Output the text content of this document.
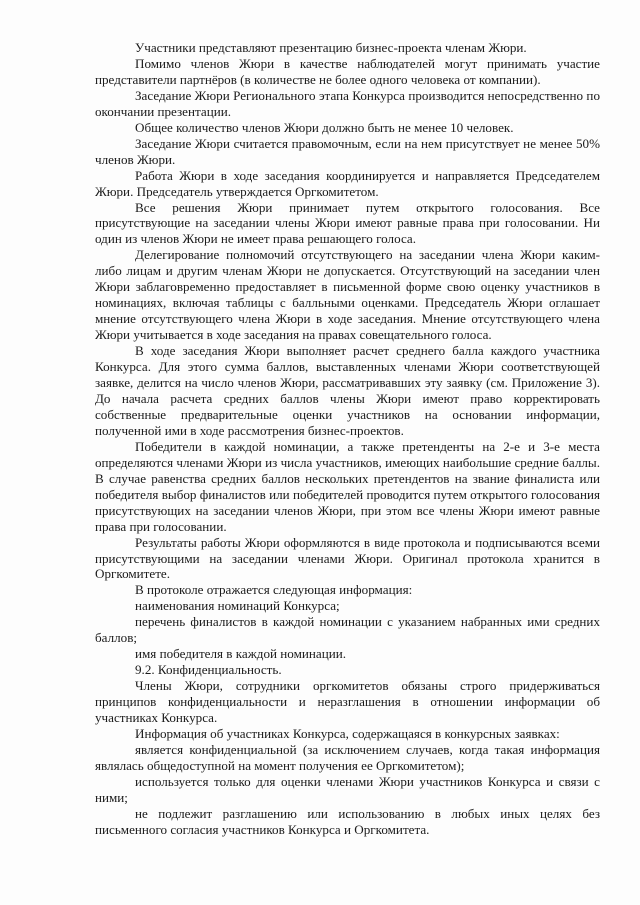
Участники представляют презентацию бизнес-проекта членам Жюри.

Помимо членов Жюри в качестве наблюдателей могут принимать участие представители партнёров (в количестве не более одного человека от компании).

Заседание Жюри Регионального этапа Конкурса производится непосредственно по окончании презентации.

Общее количество членов Жюри должно быть не менее 10 человек.

Заседание Жюри считается правомочным, если на нем присутствует не менее 50% членов Жюри.

Работа Жюри в ходе заседания координируется и направляется Председателем Жюри. Председатель утверждается Оргкомитетом.

Все решения Жюри принимает путем открытого голосования. Все присутствующие на заседании члены Жюри имеют равные права при голосовании. Ни один из членов Жюри не имеет права решающего голоса.

Делегирование полномочий отсутствующего на заседании члена Жюри каким-либо лицам и другим членам Жюри не допускается. Отсутствующий на заседании член Жюри заблаговременно предоставляет в письменной форме свою оценку участников в номинациях, включая таблицы с балльными оценками. Председатель Жюри оглашает мнение отсутствующего члена Жюри в ходе заседания. Мнение отсутствующего члена Жюри учитывается в ходе заседания на правах совещательного голоса.

В ходе заседания Жюри выполняет расчет среднего балла каждого участника Конкурса. Для этого сумма баллов, выставленных членами Жюри соответствующей заявке, делится на число членов Жюри, рассматривавших эту заявку (см. Приложение 3). До начала расчета средних баллов члены Жюри имеют право корректировать собственные предварительные оценки участников на основании информации, полученной ими в ходе рассмотрения бизнес-проектов.

Победители в каждой номинации, а также претенденты на 2-е и 3-е места определяются членами Жюри из числа участников, имеющих наибольшие средние баллы. В случае равенства средних баллов нескольких претендентов на звание финалиста или победителя выбор финалистов или победителей проводится путем открытого голосования присутствующих на заседании членов Жюри, при этом все члены Жюри имеют равные права при голосовании.

Результаты работы Жюри оформляются в виде протокола и подписываются всеми присутствующими на заседании членами Жюри. Оригинал протокола хранится в Оргкомитете.

В протоколе отражается следующая информация:

наименования номинаций Конкурса;

перечень финалистов в каждой номинации с указанием набранных ими средних баллов;

имя победителя в каждой номинации.

9.2. Конфиденциальность.

Члены Жюри, сотрудники оргкомитетов обязаны строго придерживаться принципов конфиденциальности и неразглашения в отношении информации об участниках Конкурса.

Информация об участниках Конкурса, содержащаяся в конкурсных заявках:

является конфиденциальной (за исключением случаев, когда такая информация являлась общедоступной на момент получения ее Оргкомитетом);

используется только для оценки членами Жюри участников Конкурса и связи с ними;

не подлежит разглашению или использованию в любых иных целях без письменного согласия участников Конкурса и Оргкомитета.
